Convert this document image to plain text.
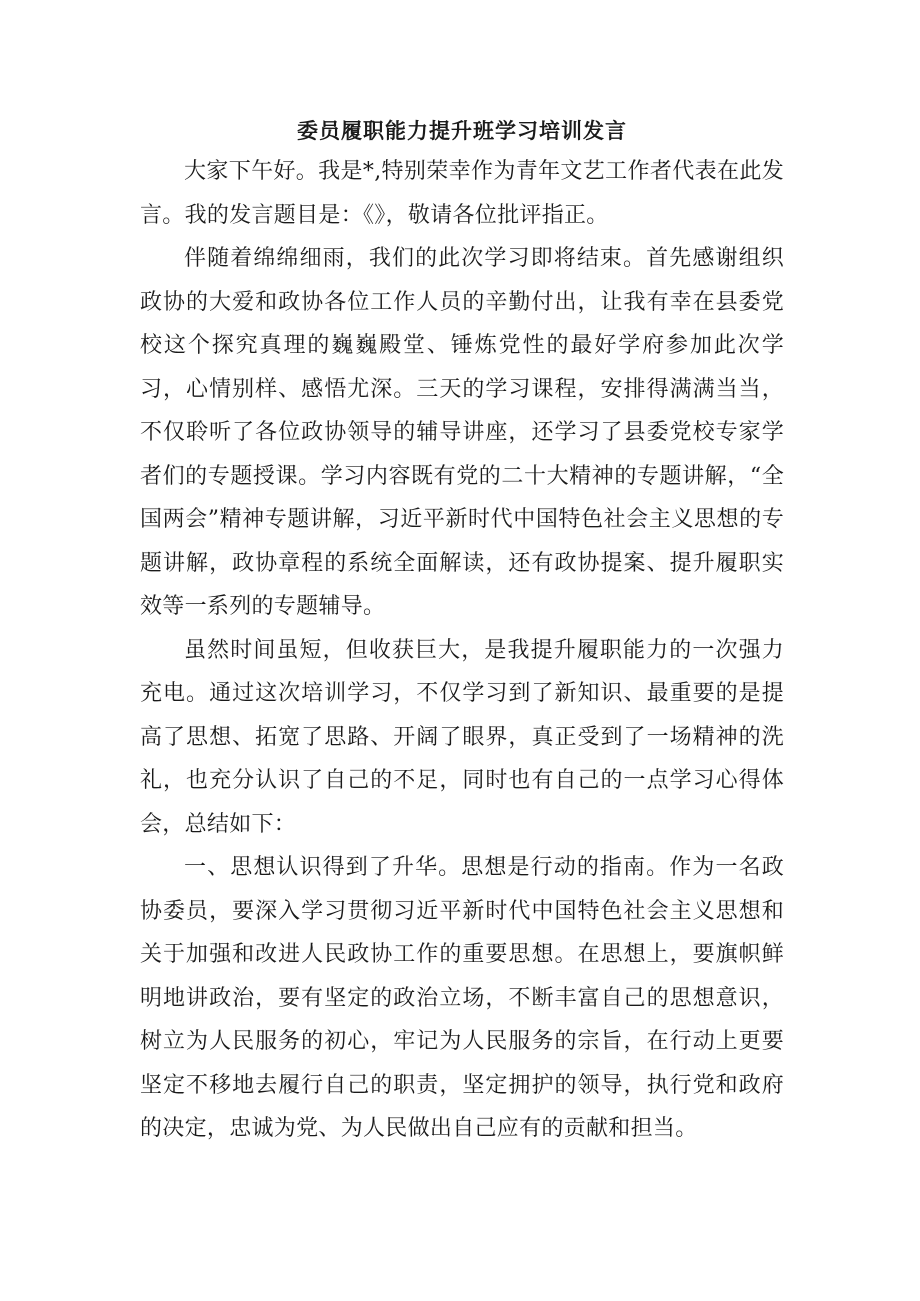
委员履职能力提升班学习培训发言

大家下午好。我是*,特别荣幸作为青年文艺工作者代表在此发言。我的发言题目是：《》，敬请各位批评指正。

伴随着绵绵细雨，我们的此次学习即将结束。首先感谢组织政协的大爱和政协各位工作人员的辛勤付出，让我有幸在县委党校这个探究真理的巍巍殿堂、锤炼党性的最好学府参加此次学习，心情别样、感悟尤深。三天的学习课程，安排得满满当当，不仅聆听了各位政协领导的辅导讲座，还学习了县委党校专家学者们的专题授课。学习内容既有党的二十大精神的专题讲解，“全国两会”精神专题讲解，习近平新时代中国特色社会主义思想的专题讲解，政协章程的系统全面解读，还有政协提案、提升履职实效等一系列的专题辅导。

虽然时间虽短，但收获巨大，是我提升履职能力的一次强力充电。通过这次培训学习，不仅学习到了新知识、最重要的是提高了思想、拓宽了思路、开阔了眼界，真正受到了一场精神的洗礼，也充分认识了自己的不足，同时也有自己的一点学习心得体会，总结如下：

一、思想认识得到了升华。思想是行动的指南。作为一名政协委员，要深入学习贯彻习近平新时代中国特色社会主义思想和关于加强和改进人民政协工作的重要思想。在思想上，要旗帜鲜明地讲政治，要有坚定的政治立场，不断丰富自己的思想意识，树立为人民服务的初心，牢记为人民服务的宗旨，在行动上更要坚定不移地去履行自己的职责，坚定拥护的领导，执行党和政府的决定，忠诚为党、为人民做出自己应有的贡献和担当。
